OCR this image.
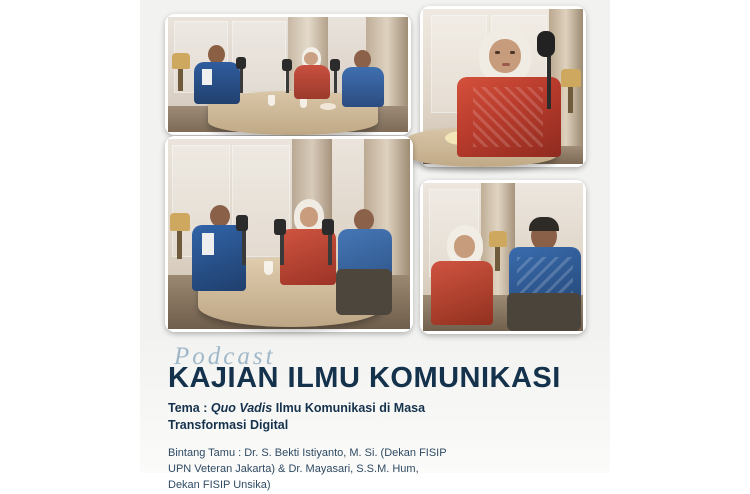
Podcast
KAJIAN ILMU KOMUNIKASI
Tema : Quo Vadis Ilmu Komunikasi di Masa
Transformasi Digital
Bintang Tamu : Dr. S. Bekti Istiyanto, M. Si. (Dekan FISIP
UPN Veteran Jakarta) & Dr. Mayasari, S.S.M. Hum,
Dekan FISIP Unsika)
